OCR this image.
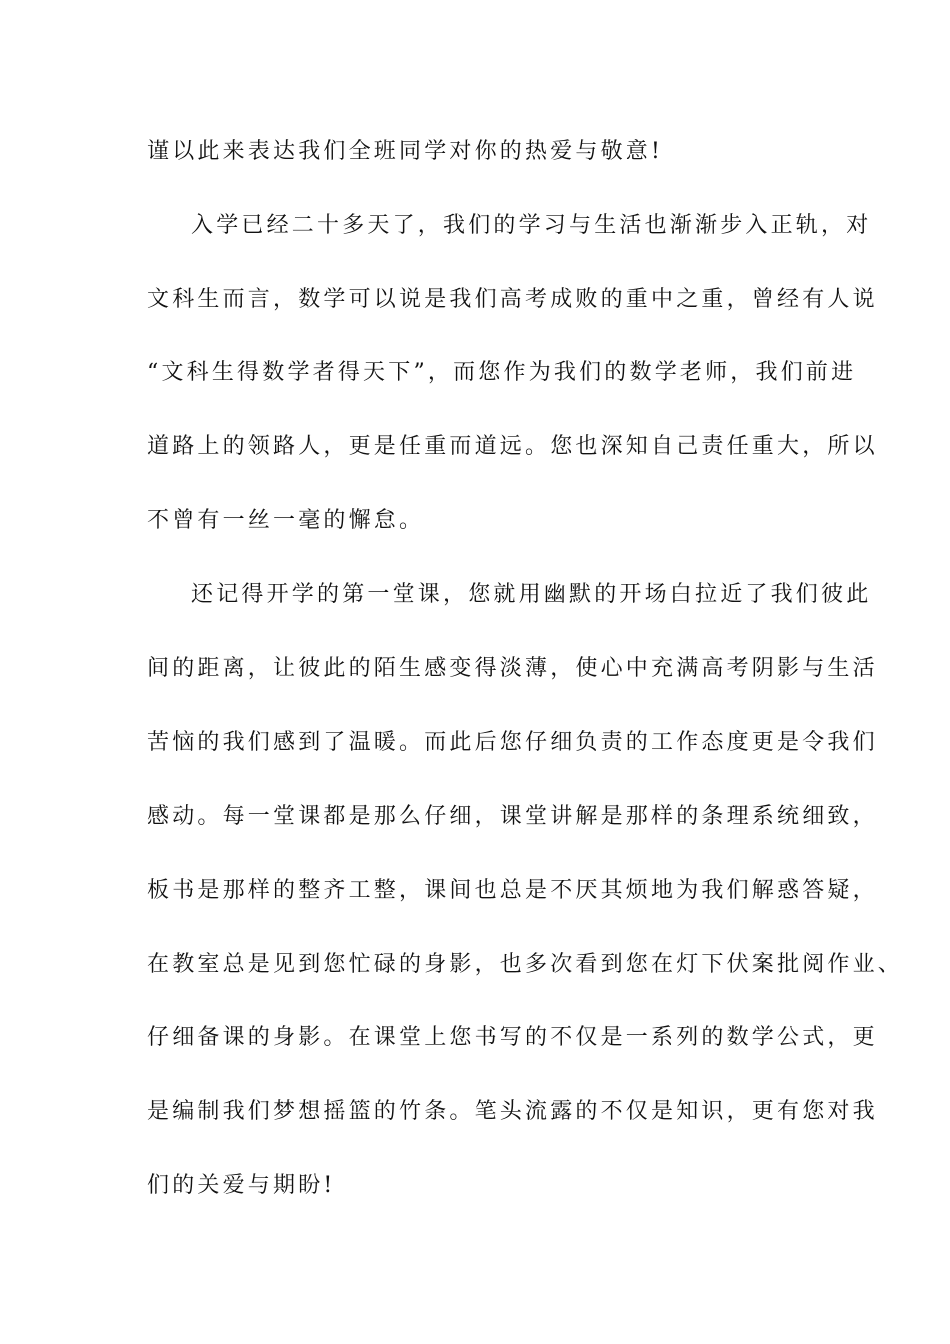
谨以此来表达我们全班同学对你的热爱与敬意!
入学已经二十多天了，我们的学习与生活也渐渐步入正轨，对
文科生而言，数学可以说是我们高考成败的重中之重，曾经有人说
“文科生得数学者得天下”，而您作为我们的数学老师，我们前进
道路上的领路人，更是任重而道远。您也深知自己责任重大，所以
不曾有一丝一毫的懈怠。
还记得开学的第一堂课，您就用幽默的开场白拉近了我们彼此
间的距离，让彼此的陌生感变得淡薄，使心中充满高考阴影与生活
苦恼的我们感到了温暖。而此后您仔细负责的工作态度更是令我们
感动。每一堂课都是那么仔细，课堂讲解是那样的条理系统细致，
板书是那样的整齐工整，课间也总是不厌其烦地为我们解惑答疑，
在教室总是见到您忙碌的身影，也多次看到您在灯下伏案批阅作业、
仔细备课的身影。在课堂上您书写的不仅是一系列的数学公式，更
是编制我们梦想摇篮的竹条。笔头流露的不仅是知识，更有您对我
们的关爱与期盼!
